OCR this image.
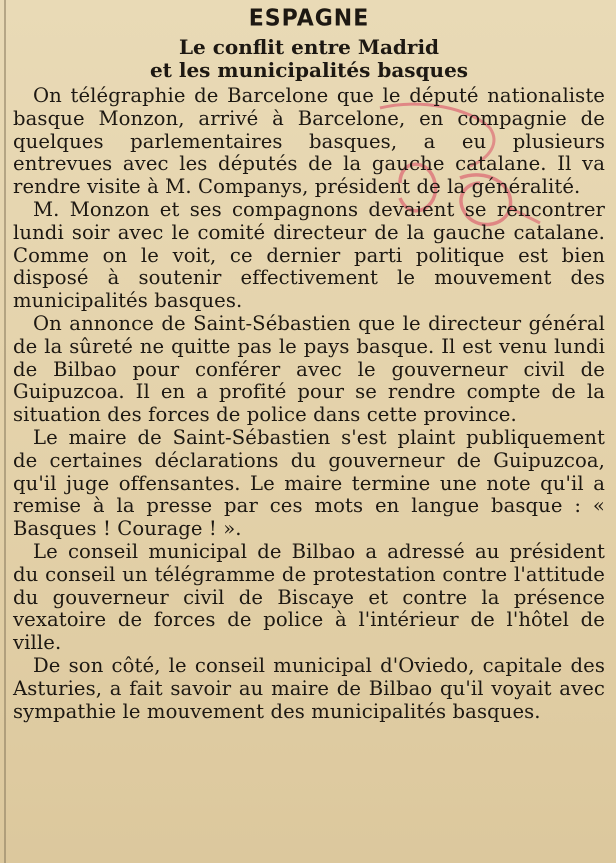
ESPAGNE
Le conflit entre Madrid
et les municipalités basques

On télégraphie de Barcelone que le député nationaliste basque Monzon, arrivé à Barcelone, en compagnie de quelques parlementaires basques, a eu plusieurs entrevues avec les députés de la gauche catalane. Il va rendre visite à M. Companys, président de la généralité.

M. Monzon et ses compagnons devaient se rencontrer lundi soir avec le comité directeur de la gauche catalane. Comme on le voit, ce dernier parti politique est bien disposé à soutenir effectivement le mouvement des municipalités basques.

On annonce de Saint-Sébastien que le directeur général de la sûreté ne quitte pas le pays basque. Il est venu lundi de Bilbao pour conférer avec le gouverneur civil de Guipuzcoa. Il en a profité pour se rendre compte de la situation des forces de police dans cette province.

Le maire de Saint-Sébastien s'est plaint publiquement de certaines déclarations du gouverneur de Guipuzcoa, qu'il juge offensantes. Le maire termine une note qu'il a remise à la presse par ces mots en langue basque : « Basques ! Courage ! ».

Le conseil municipal de Bilbao a adressé au président du conseil un télégramme de protestation contre l'attitude du gouverneur civil de Biscaye et contre la présence vexatoire de forces de police à l'intérieur de l'hôtel de ville.

De son côté, le conseil municipal d'Oviedo, capitale des Asturies, a fait savoir au maire de Bilbao qu'il voyait avec sympathie le mouvement des municipalités basques.
